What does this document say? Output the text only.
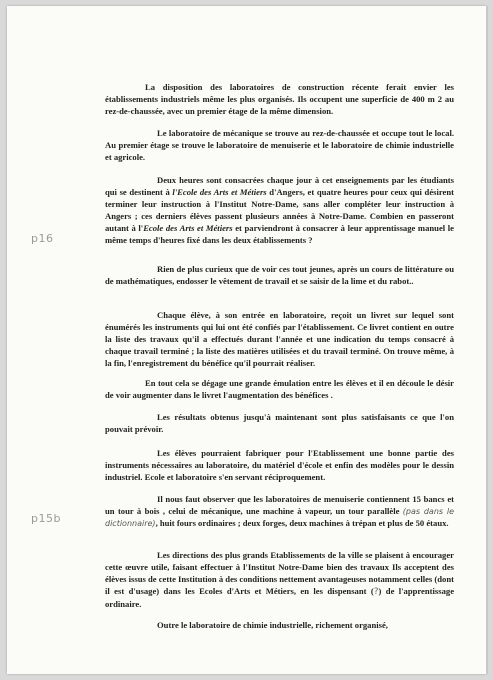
p16
p15b

La disposition des laboratoires de construction récente ferait envier les établissements industriels même les plus organisés. Ils occupent une superficie de 400 m 2 au rez-de-chaussée, avec un premier étage de la même dimension.

Le laboratoire de mécanique se trouve au rez-de-chaussée et occupe tout le local. Au premier étage se trouve le laboratoire de menuiserie et le laboratoire de chimie industrielle et agricole.

Deux heures sont consacrées chaque jour à cet enseignements par les étudiants qui se destinent à l'Ecole des Arts et Métiers d'Angers, et quatre heures pour ceux qui désirent terminer leur instruction à l'Institut Notre-Dame, sans aller compléter leur instruction à Angers ; ces derniers élèves passent plusieurs années à Notre-Dame. Combien en passeront autant à l'Ecole des Arts et Métiers et parviendront à consacrer à leur apprentissage manuel le même temps d'heures fixé dans les deux établissements ?

Rien de plus curieux que de voir ces tout jeunes, après un cours de littérature ou de mathématiques, endosser le vêtement de travail et se saisir de la lime et du rabot..

Chaque élève, à son entrée en laboratoire, reçoit un livret sur lequel sont énumérés les instruments qui lui ont été confiés par l'établissement. Ce livret contient en outre la liste des travaux qu'il a effectués durant l'année et une indication du temps consacré à chaque travail terminé ; la liste des matières utilisées et du travail terminé. On trouve même, à la fin, l'enregistrement du bénéfice qu'il pourrait réaliser.

En tout cela se dégage une grande émulation entre les élèves et il en découle le désir de voir augmenter dans le livret l'augmentation des bénéfices .

Les résultats obtenus jusqu'à maintenant sont plus satisfaisants ce que l'on pouvait prévoir.

Les élèves pourraient fabriquer pour l'Etablissement une bonne partie des instruments nécessaires au laboratoire, du matériel d'école et enfin des modèles pour le dessin industriel. Ecole et laboratoire s'en servant réciproquement.

Il nous faut observer que les laboratoires de menuiserie contiennent 15 bancs et un tour à bois , celui de mécanique, une machine à vapeur, un tour parallèle (pas dans le dictionnaire), huit fours ordinaires ; deux forges, deux machines à trépan et plus de 50 étaux.

Les directions des plus grands Etablissements de la ville se plaisent à encourager cette œuvre utile, faisant effectuer à l'Institut Notre-Dame bien des travaux Ils acceptent des élèves issus de cette Institution à des conditions nettement avantageuses notamment celles (dont il est d'usage) dans les Ecoles d'Arts et Métiers, en les dispensant (?) de l'apprentissage ordinaire.

Outre le laboratoire de chimie industrielle, richement organisé,
